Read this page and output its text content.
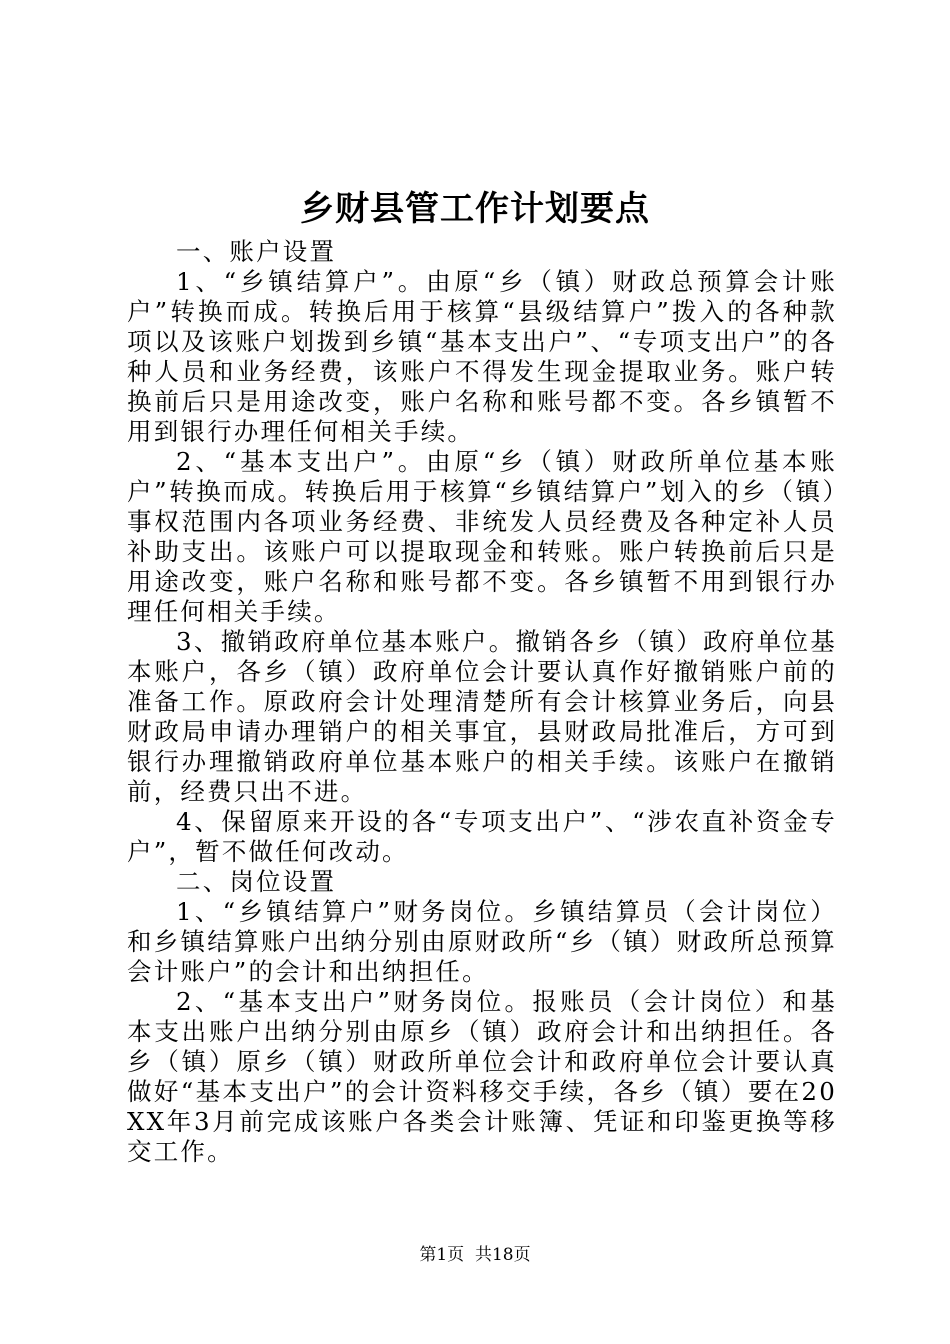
乡财县管工作计划要点

一、账户设置

1、“乡镇结算户”。由原“乡（镇）财政总预算会计账户”转换而成。转换后用于核算“县级结算户”拨入的各种款项以及该账户划拨到乡镇“基本支出户”、“专项支出户”的各种人员和业务经费，该账户不得发生现金提取业务。账户转换前后只是用途改变，账户名称和账号都不变。各乡镇暂不用到银行办理任何相关手续。

2、“基本支出户”。由原“乡（镇）财政所单位基本账户”转换而成。转换后用于核算“乡镇结算户”划入的乡（镇）事权范围内各项业务经费、非统发人员经费及各种定补人员补助支出。该账户可以提取现金和转账。账户转换前后只是用途改变，账户名称和账号都不变。各乡镇暂不用到银行办理任何相关手续。

3、撤销政府单位基本账户。撤销各乡（镇）政府单位基本账户，各乡（镇）政府单位会计要认真作好撤销账户前的准备工作。原政府会计处理清楚所有会计核算业务后，向县财政局申请办理销户的相关事宜，县财政局批准后，方可到银行办理撤销政府单位基本账户的相关手续。该账户在撤销前，经费只出不进。

4、保留原来开设的各“专项支出户”、“涉农直补资金专户”，暂不做任何改动。

二、岗位设置

1、“乡镇结算户”财务岗位。乡镇结算员（会计岗位）和乡镇结算账户出纳分别由原财政所“乡（镇）财政所总预算会计账户”的会计和出纳担任。

2、“基本支出户”财务岗位。报账员（会计岗位）和基本支出账户出纳分别由原乡（镇）政府会计和出纳担任。各乡（镇）原乡（镇）财政所单位会计和政府单位会计要认真做好“基本支出户”的会计资料移交手续，各乡（镇）要在20XX年3月前完成该账户各类会计账簿、凭证和印鉴更换等移交工作。

第1页  共18页
